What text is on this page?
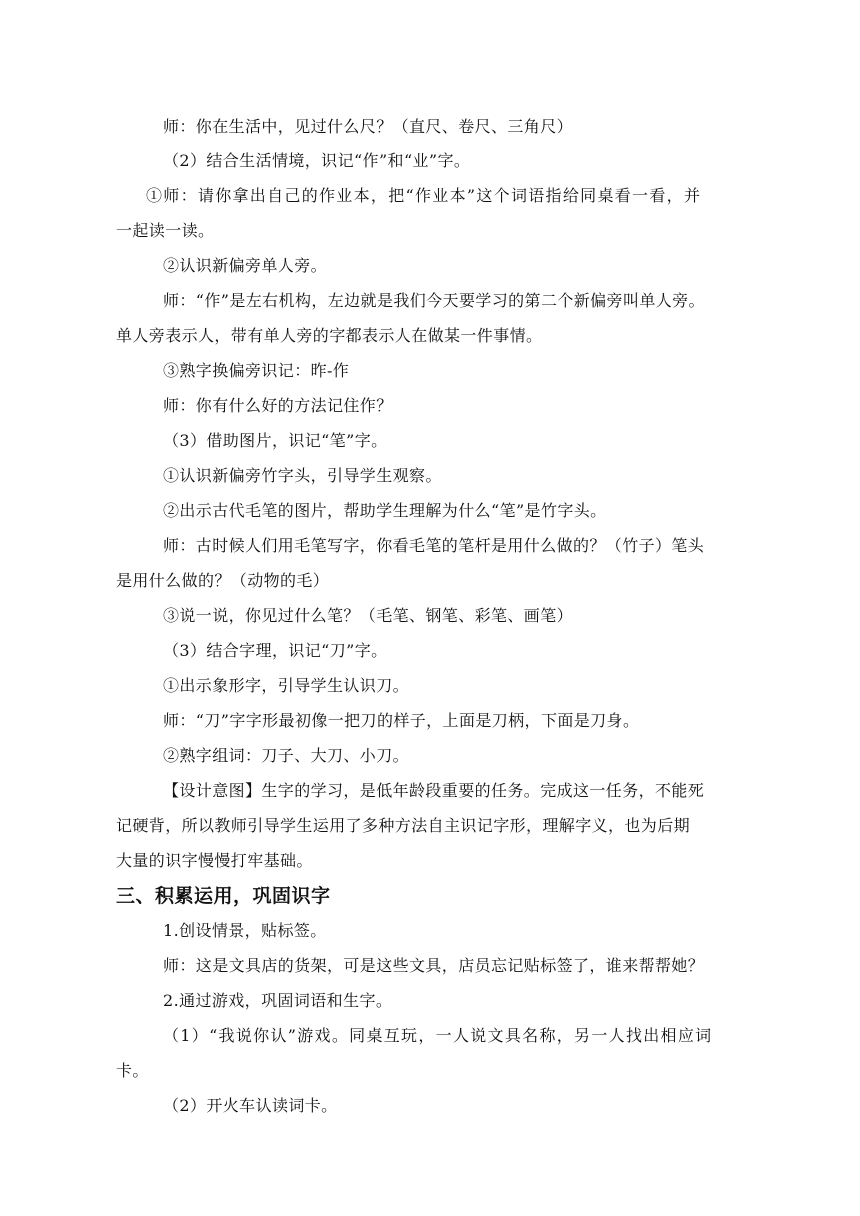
师：你在生活中，见过什么尺？（直尺、卷尺、三角尺）
（2）结合生活情境，识记“作”和“业”字。
①师：请你拿出自己的作业本，把“作业本”这个词语指给同桌看一看，并
一起读一读。
②认识新偏旁单人旁。
师：“作”是左右机构，左边就是我们今天要学习的第二个新偏旁叫单人旁。
单人旁表示人，带有单人旁的字都表示人在做某一件事情。
③熟字换偏旁识记：昨-作
师：你有什么好的方法记住作？
（3）借助图片，识记“笔”字。
①认识新偏旁竹字头，引导学生观察。
②出示古代毛笔的图片，帮助学生理解为什么“笔”是竹字头。
师：古时候人们用毛笔写字，你看毛笔的笔杆是用什么做的？（竹子）笔头
是用什么做的？（动物的毛）
③说一说，你见过什么笔？（毛笔、钢笔、彩笔、画笔）
（3）结合字理，识记“刀”字。
①出示象形字，引导学生认识刀。
师：“刀”字字形最初像一把刀的样子，上面是刀柄，下面是刀身。
②熟字组词：刀子、大刀、小刀。
【设计意图】生字的学习，是低年龄段重要的任务。完成这一任务，不能死
记硬背，所以教师引导学生运用了多种方法自主识记字形，理解字义，也为后期
大量的识字慢慢打牢基础。
三、积累运用，巩固识字
1.创设情景，贴标签。
师：这是文具店的货架，可是这些文具，店员忘记贴标签了，谁来帮帮她？
2.通过游戏，巩固词语和生字。
（1）“我说你认”游戏。同桌互玩，一人说文具名称，另一人找出相应词
卡。
（2）开火车认读词卡。
